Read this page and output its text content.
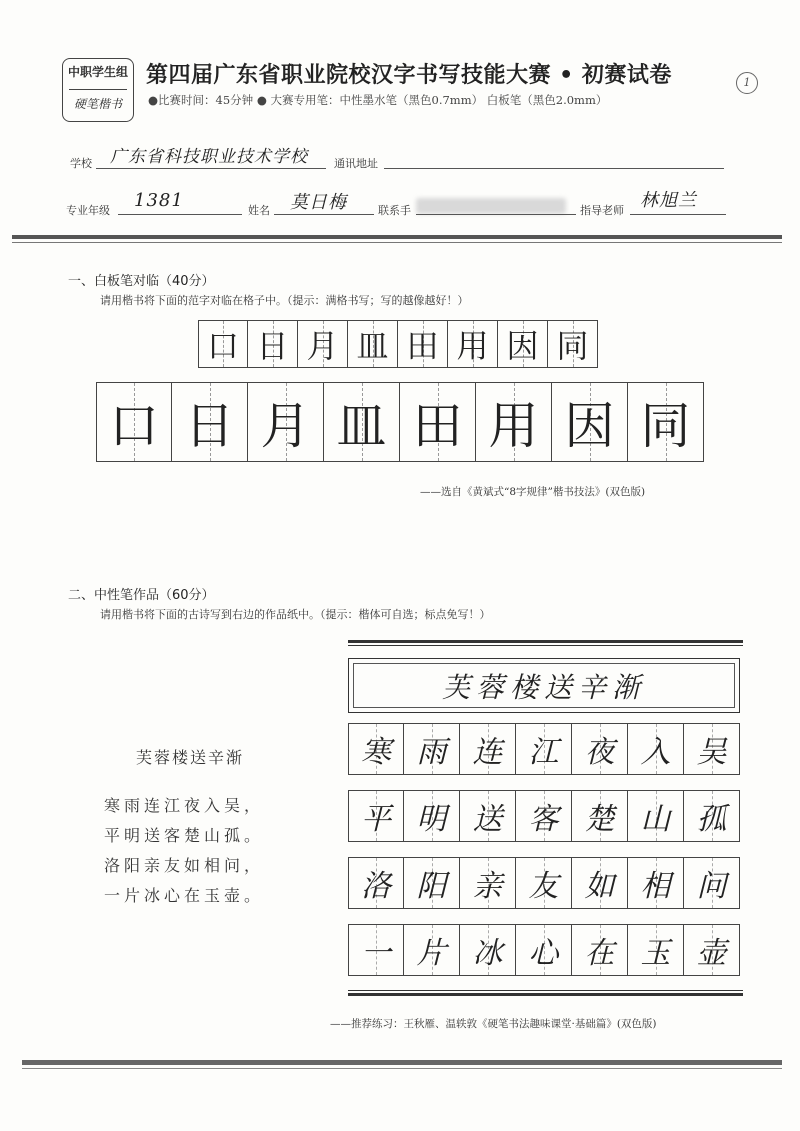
中职学生组
硬笔楷书
第四届广东省职业院校汉字书写技能大赛 • 初赛试卷
●比赛时间：45分钟 ● 大赛专用笔：中性墨水笔（黑色0.7mm） 白板笔（黑色2.0mm）
1
学校 广东省科技职业技术学校 通讯地址
专业年级 1381	姓名 莫日梅	联系手	指导老师 林旭兰
一、白板笔对临（40分）
请用楷书将下面的范字对临在格子中。（提示：满格书写；写的越像越好！）
口 日 月 皿 田 用 因 同
口 日 月 皿 田 用 因 同
——选自《黄斌式“8字规律”楷书技法》(双色版)
二、中性笔作品（60分）
请用楷书将下面的古诗写到右边的作品纸中。（提示：楷体可自选；标点免写！）
芙蓉楼送辛渐
寒雨连江夜入吴，
平明送客楚山孤。
洛阳亲友如相问，
一片冰心在玉壶。
芙蓉楼送辛渐
寒 雨 连 江 夜 入 吴
平 明 送 客 楚 山 孤
洛 阳 亲 友 如 相 问
一 片 冰 心 在 玉 壶
——推荐练习：王秋雁、温轶敦《硬笔书法趣味课堂·基础篇》(双色版)
